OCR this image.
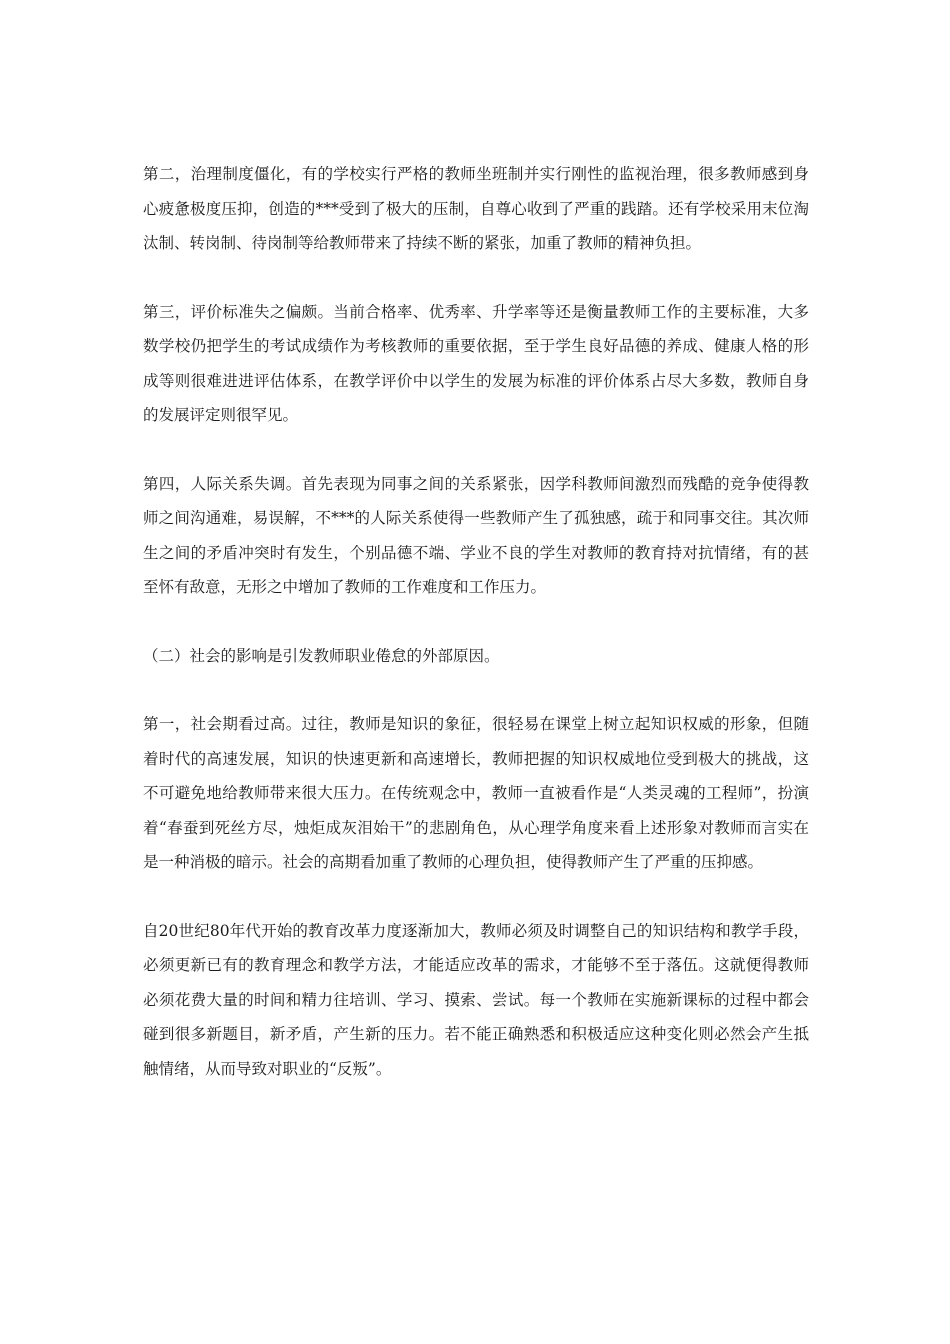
第二，治理制度僵化，有的学校实行严格的教师坐班制并实行刚性的监视治理，很多教师感到身心疲惫极度压抑，创造的***受到了极大的压制，自尊心收到了严重的践踏。还有学校采用末位淘汰制、转岗制、待岗制等给教师带来了持续不断的紧张，加重了教师的精神负担。

第三，评价标准失之偏颇。当前合格率、优秀率、升学率等还是衡量教师工作的主要标准，大多数学校仍把学生的考试成绩作为考核教师的重要依据，至于学生良好品德的养成、健康人格的形成等则很难进进评估体系，在教学评价中以学生的发展为标准的评价体系占尽大多数，教师自身的发展评定则很罕见。

第四，人际关系失调。首先表现为同事之间的关系紧张，因学科教师间激烈而残酷的竞争使得教师之间沟通难，易误解，不***的人际关系使得一些教师产生了孤独感，疏于和同事交往。其次师生之间的矛盾冲突时有发生，个别品德不端、学业不良的学生对教师的教育持对抗情绪，有的甚至怀有敌意，无形之中增加了教师的工作难度和工作压力。

（二）社会的影响是引发教师职业倦怠的外部原因。

第一，社会期看过高。过往，教师是知识的象征，很轻易在课堂上树立起知识权威的形象，但随着时代的高速发展，知识的快速更新和高速增长，教师把握的知识权威地位受到极大的挑战，这不可避免地给教师带来很大压力。在传统观念中，教师一直被看作是“人类灵魂的工程师”，扮演着“春蚕到死丝方尽，烛炬成灰泪始干”的悲剧角色，从心理学角度来看上述形象对教师而言实在是一种消极的暗示。社会的高期看加重了教师的心理负担，使得教师产生了严重的压抑感。

自20世纪80年代开始的教育改革力度逐渐加大，教师必须及时调整自己的知识结构和教学手段，必须更新已有的教育理念和教学方法，才能适应改革的需求，才能够不至于落伍。这就便得教师必须花费大量的时间和精力往培训、学习、摸索、尝试。每一个教师在实施新课标的过程中都会碰到很多新题目，新矛盾，产生新的压力。若不能正确熟悉和积极适应这种变化则必然会产生抵触情绪，从而导致对职业的“反叛”。
